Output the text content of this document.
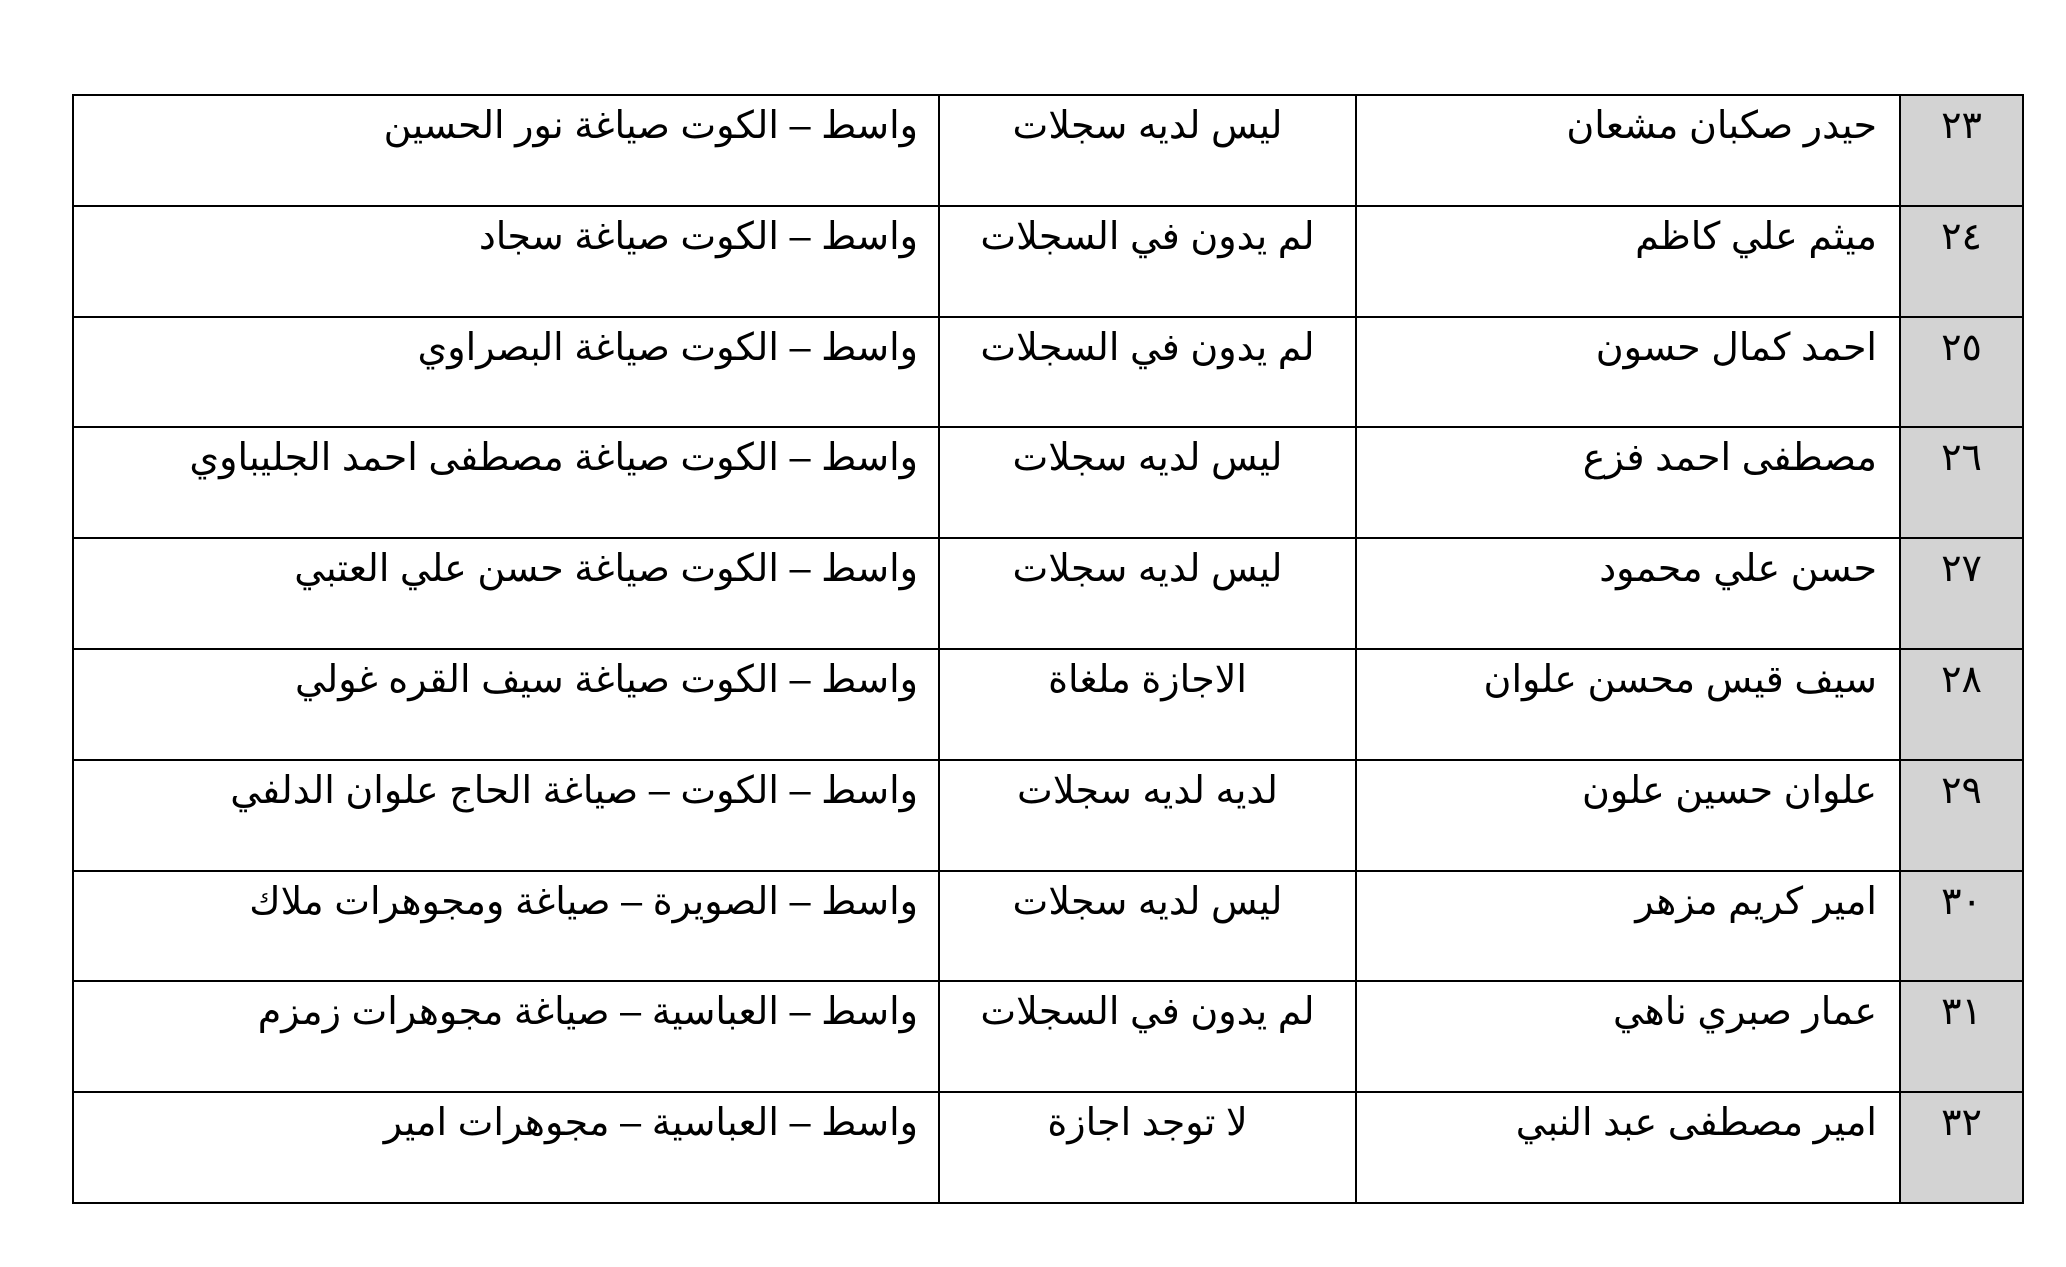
٢٣	حيدر صكبان مشعان	ليس لديه سجلات	واسط – الكوت صياغة نور الحسين
٢٤	ميثم علي كاظم	لم يدون في السجلات	واسط – الكوت صياغة سجاد
٢٥	احمد كمال حسون	لم يدون في السجلات	واسط – الكوت صياغة البصراوي
٢٦	مصطفى احمد فزع	ليس لديه سجلات	واسط – الكوت صياغة مصطفى احمد الجليباوي
٢٧	حسن علي محمود	ليس لديه سجلات	واسط – الكوت صياغة حسن علي العتبي
٢٨	سيف قيس محسن علوان	الاجازة ملغاة	واسط – الكوت صياغة سيف القره غولي
٢٩	علوان حسين علون	لديه لديه سجلات	واسط – الكوت – صياغة الحاج علوان الدلفي
٣٠	امير كريم مزهر	ليس لديه سجلات	واسط – الصويرة – صياغة ومجوهرات ملاك
٣١	عمار صبري ناهي	لم يدون في السجلات	واسط – العباسية – صياغة مجوهرات زمزم
٣٢	امير مصطفى عبد النبي	لا توجد اجازة	واسط – العباسية – مجوهرات امير
